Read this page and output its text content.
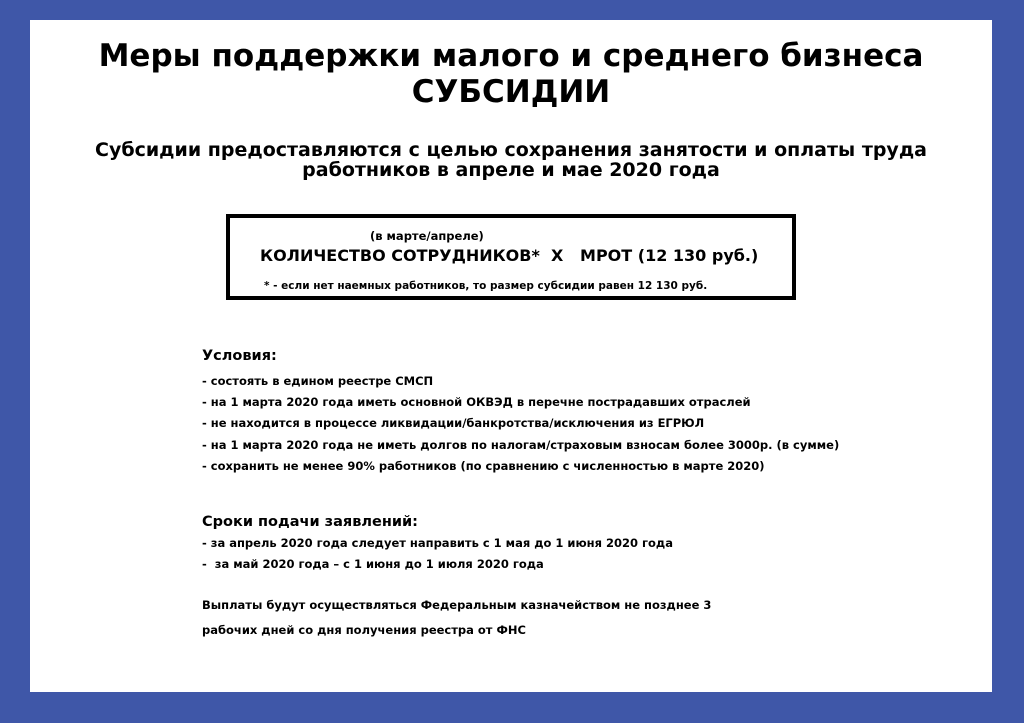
Меры поддержки малого и среднего бизнеса
СУБСИДИИ
Субсидии предоставляются с целью сохранения занятости и оплаты труда
работников в апреле и мае 2020 года
(в марте/апреле)
КОЛИЧЕСТВО СОТРУДНИКОВ*  Х   МРОТ (12 130 руб.)
* - если нет наемных работников, то размер субсидии равен 12 130 руб.
Условия:
- состоять в едином реестре СМСП
- на 1 марта 2020 года иметь основной ОКВЭД в перечне пострадавших отраслей
- не находится в процессе ликвидации/банкротства/исключения из ЕГРЮЛ
- на 1 марта 2020 года не иметь долгов по налогам/страховым взносам более 3000р. (в сумме)
- сохранить не менее 90% работников (по сравнению с численностью в марте 2020)
Сроки подачи заявлений:
- за апрель 2020 года следует направить с 1 мая до 1 июня 2020 года
-  за май 2020 года – с 1 июня до 1 июля 2020 года
Выплаты будут осуществляться Федеральным казначейством не позднее 3
рабочих дней со дня получения реестра от ФНС
